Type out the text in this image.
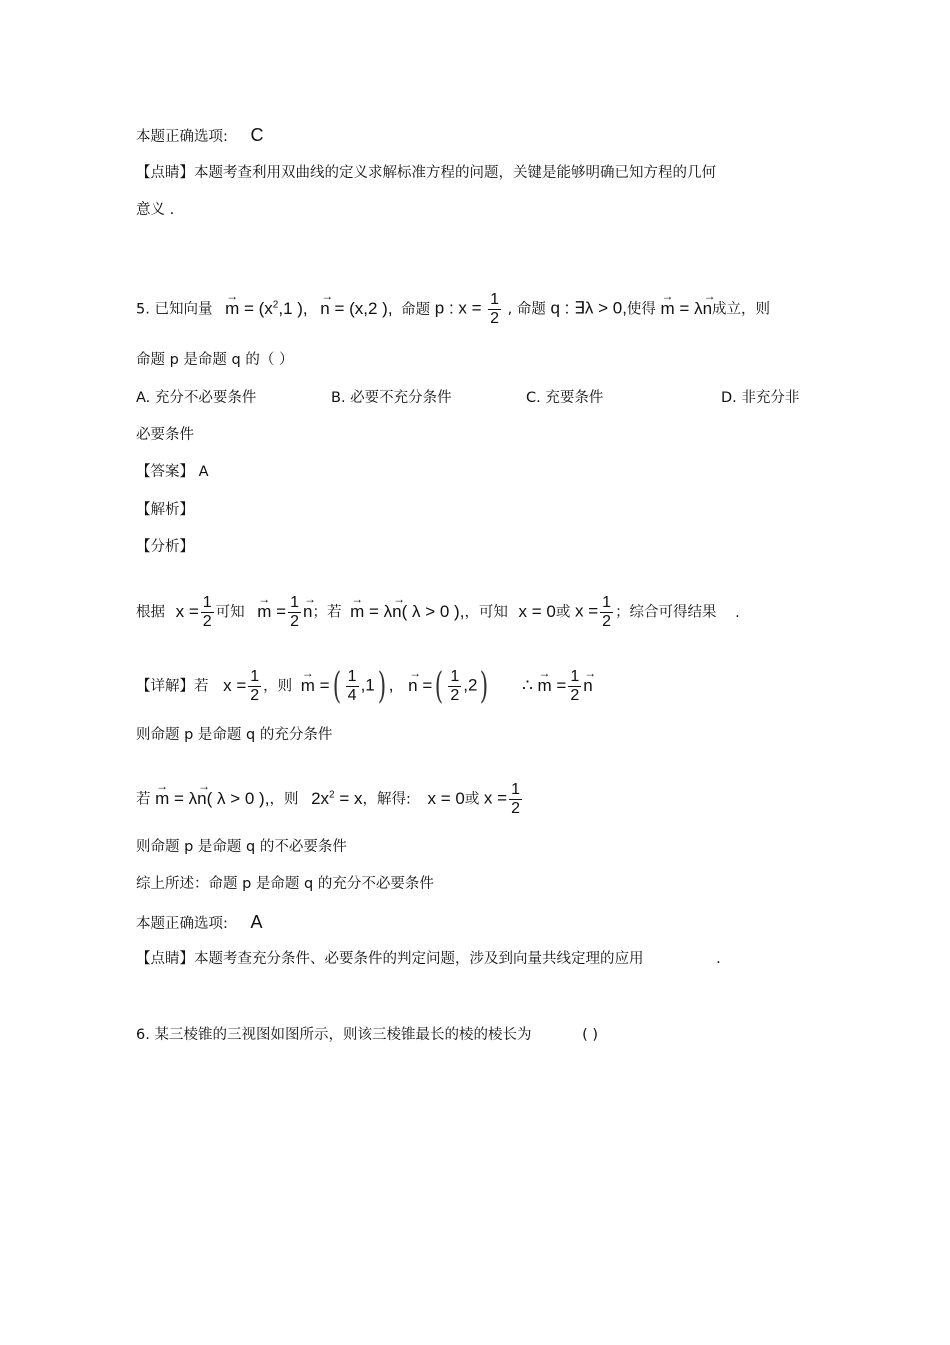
本题正确选项: C
【点睛】本题考查利用双曲线的定义求解标准方程的问题，关键是能够明确已知方程的几何
意义 .
5. 已知向量 → $m = (x^2,1$ ), → n = (x,2 ), 命题 p : $x = \frac{1}{2}$ , 命题 q : ∃λ > 0,使得 → m = λ→ n成立，则
命题 p 是命题 q 的（ ）
A. 充分不必要条件	B. 必要不充分条件	C. 充要条件	D. 非充分非
必要条件
【答案】 A
【解析】
【分析】
根据 $x = \frac{1}{2}$ 可知 → $m = \frac{1}{2}$
→ n；若 → m = λ→ n( λ > 0 ),，可知 x = 0或 $x = \frac{1}{2}$ ；综合可得结果 .
【详解】若 $x = \frac{1}{2}$ ，则 → m =( $\frac{1}{4} ,1$) , → n =( $\frac{1}{2} ,2$) ∴ → $m = \frac{1}{2}$
→ n
则命题 p 是命题 q 的充分条件
若 → m = λ→ n( λ > 0 ),，则 $2x^2 = x$，解得: x = 0或 $x = \frac{1}{2}$
则命题 p 是命题 q 的不必要条件
综上所述：命题 p 是命题 q 的充分不必要条件
本题正确选项: A
【点睛】本题考查充分条件、必要条件的判定问题，涉及到向量共线定理的应用	.
6. 某三棱锥的三视图如图所示，则该三棱锥最长的棱的棱长为	( )
